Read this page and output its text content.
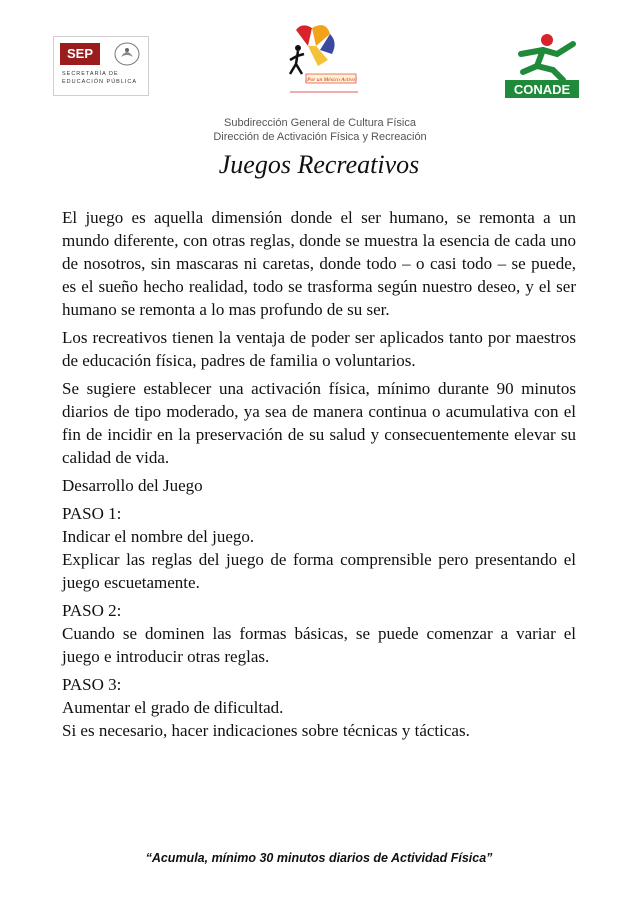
SEP
SECRETARÍA DE
EDUCACIÓN PÚBLICA	¡Por un México Activo!
CONADE
Subdirección General de Cultura Física
Dirección de Activación Física y Recreación
Juegos Recreativos

El juego es aquella dimensión donde el ser humano, se remonta a un mundo diferente, con otras reglas, donde se muestra la esencia de cada uno de nosotros, sin mascaras ni caretas, donde todo – o casi todo – se puede, es el sueño hecho realidad, todo se trasforma según nuestro deseo, y el ser humano se remonta a lo mas profundo de su ser.

Los recreativos tienen la ventaja de poder ser aplicados tanto por maestros de educación física, padres de familia o voluntarios.

Se sugiere establecer una activación física, mínimo durante 90 minutos diarios de tipo moderado, ya sea de manera continua o acumulativa con el fin de incidir en la preservación de su salud y consecuentemente elevar su calidad de vida.

Desarrollo del Juego

PASO 1:
Indicar el nombre del juego.
Explicar las reglas del juego de forma comprensible pero presentando el juego escuetamente.

PASO 2:
Cuando se dominen las formas básicas, se puede comenzar a variar el juego e introducir otras reglas.

PASO 3:
Aumentar el grado de dificultad.
Si es necesario, hacer indicaciones sobre técnicas y tácticas.

“Acumula, mínimo 30 minutos diarios de Actividad Física”
